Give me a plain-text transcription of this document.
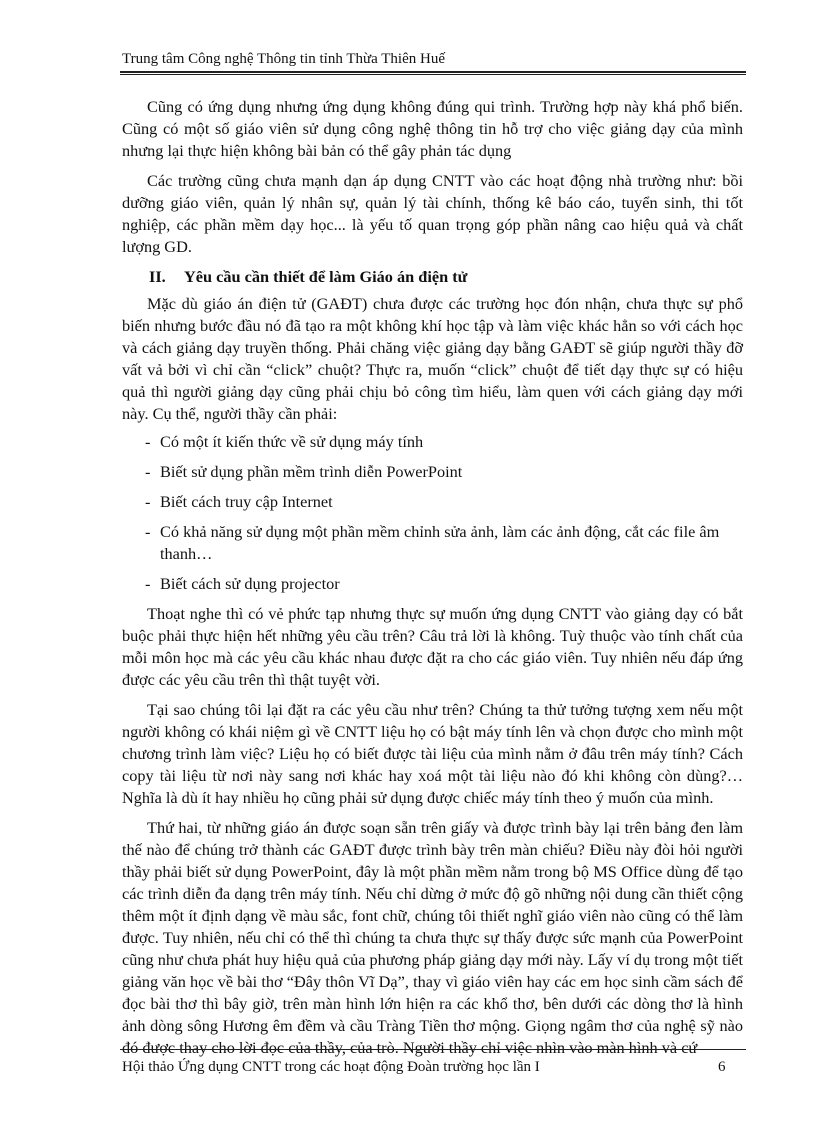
Trung tâm Công nghệ Thông tin tỉnh Thừa Thiên Huế

Cũng có ứng dụng nhưng ứng dụng không đúng qui trình. Trường hợp này khá phổ biến. Cũng có một số giáo viên sử dụng công nghệ thông tin hỗ trợ cho việc giảng dạy của mình nhưng lại thực hiện không bài bản có thể gây phản tác dụng

Các trường cũng chưa mạnh dạn áp dụng CNTT vào các hoạt động nhà trường như: bồi dưỡng giáo viên, quản lý nhân sự, quản lý tài chính, thống kê báo cáo, tuyển sinh, thi tốt nghiệp, các phần mềm dạy học... là yếu tố quan trọng góp phần nâng cao hiệu quả và chất lượng GD.

II.	Yêu cầu cần thiết để làm Giáo án điện tử

Mặc dù giáo án điện tử (GAĐT) chưa được các trường học đón nhận, chưa thực sự phổ biến nhưng bước đầu nó đã tạo ra một không khí học tập và làm việc khác hẳn so với cách học và cách giảng dạy truyền thống. Phải chăng việc giảng dạy bằng GAĐT sẽ giúp người thầy đỡ vất vả bởi vì chỉ cần “click” chuột? Thực ra, muốn “click” chuột để tiết dạy thực sự có hiệu quả thì người giảng dạy cũng phải chịu bỏ công tìm hiểu, làm quen với cách giảng dạy mới này. Cụ thể, người thầy cần phải:

- Có một ít kiến thức về sử dụng máy tính
- Biết sử dụng phần mềm trình diễn PowerPoint
- Biết cách truy cập Internet
- Có khả năng sử dụng một phần mềm chỉnh sửa ảnh, làm các ảnh động, cắt các file âm thanh…
- Biết cách sử dụng projector

Thoạt nghe thì có vẻ phức tạp nhưng thực sự muốn ứng dụng CNTT vào giảng dạy có bắt buộc phải thực hiện hết những yêu cầu trên? Câu trả lời là không. Tuỳ thuộc vào tính chất của mỗi môn học mà các yêu cầu khác nhau được đặt ra cho các giáo viên. Tuy nhiên nếu đáp ứng được các yêu cầu trên thì thật tuyệt vời.

Tại sao chúng tôi lại đặt ra các yêu cầu như trên? Chúng ta thử tưởng tượng xem nếu một người không có khái niệm gì về CNTT liệu họ có bật máy tính lên và chọn được cho mình một chương trình làm việc? Liệu họ có biết được tài liệu của mình nằm ở đâu trên máy tính? Cách copy tài liệu từ nơi này sang nơi khác hay xoá một tài liệu nào đó khi không còn dùng?… Nghĩa là dù ít hay nhiều họ cũng phải sử dụng được chiếc máy tính theo ý muốn của mình.

Thứ hai, từ những giáo án được soạn sẵn trên giấy và được trình bày lại trên bảng đen làm thế nào để chúng trở thành các GAĐT được trình bày trên màn chiếu? Điều này đòi hỏi người thầy phải biết sử dụng PowerPoint, đây là một phần mềm nằm trong bộ MS Office dùng để tạo các trình diễn đa dạng trên máy tính. Nếu chỉ dừng ở mức độ gõ những nội dung cần thiết cộng thêm một ít định dạng về màu sắc, font chữ, chúng tôi thiết nghĩ giáo viên nào cũng có thể làm được. Tuy nhiên, nếu chỉ có thể thì chúng ta chưa thực sự thấy được sức mạnh của PowerPoint cũng như chưa phát huy hiệu quả của phương pháp giảng dạy mới này. Lấy ví dụ trong một tiết giảng văn học về bài thơ “Đây thôn Vĩ Dạ”, thay vì giáo viên hay các em học sinh cầm sách để đọc bài thơ thì bây giờ, trên màn hình lớn hiện ra các khổ thơ, bên dưới các dòng thơ là hình ảnh dòng sông Hương êm đềm và cầu Tràng Tiền thơ mộng. Giọng ngâm thơ của nghệ sỹ nào đó được thay cho lời đọc của thầy, của trò. Người thầy chỉ việc nhìn vào màn hình và cứ

Hội thảo Ứng dụng CNTT trong các hoạt động Đoàn trường học lần I	6
